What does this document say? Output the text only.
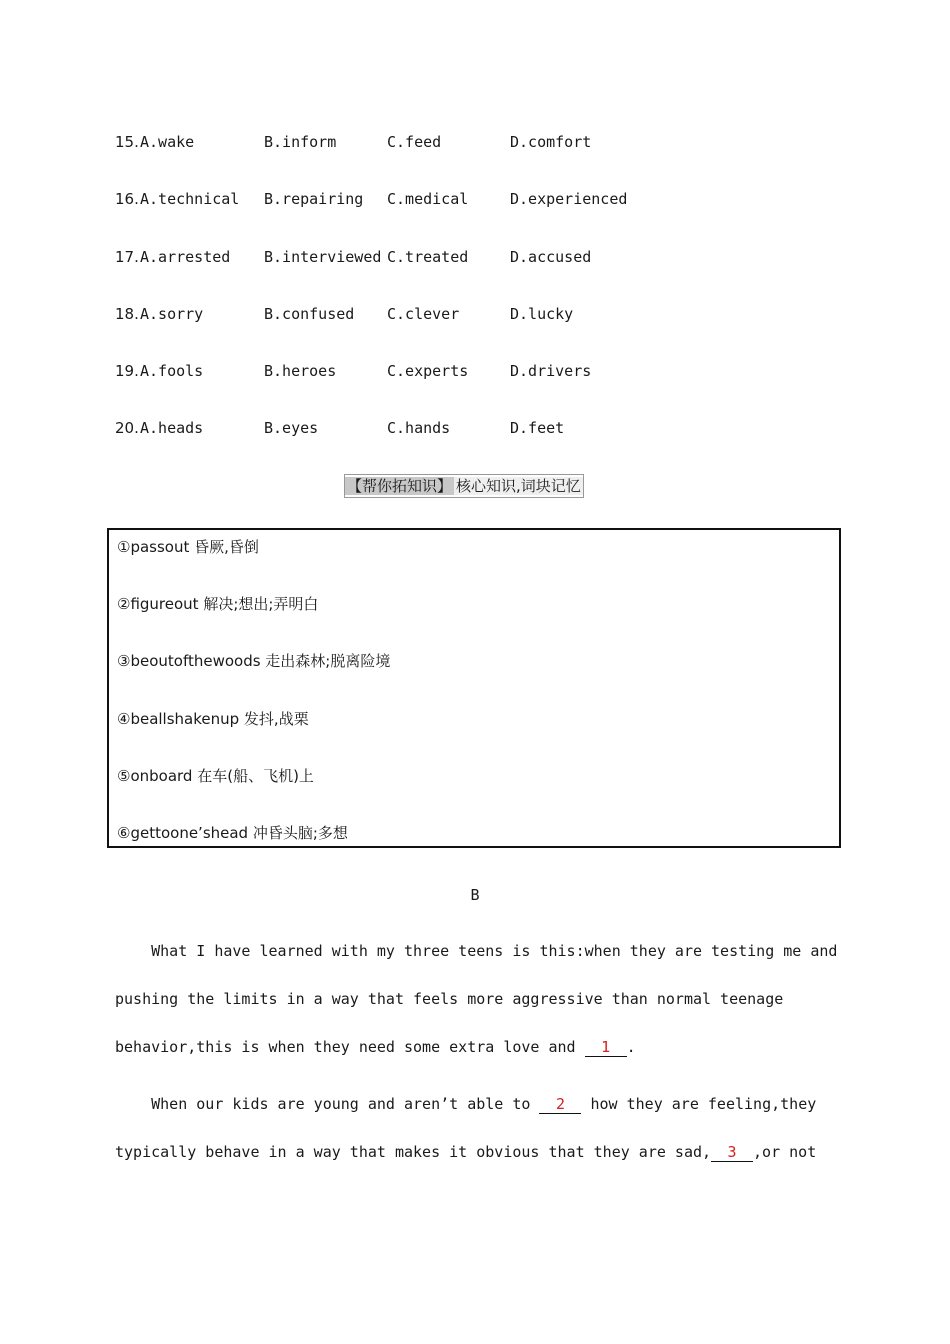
15. A.wake	B.inform	C.feed	D.comfort
16. A.technical B.repairing C.medical	D.experienced
17. A.arrested B.interviewed C.treated	D.accused
18. A.sorry	B.confused C.clever	D.lucky
19. A.fools	B.heroes	C.experts	D.drivers
20. A.heads	B.eyes	C.hands	D.feet
【帮你拓知识】 核心知识,词块记忆
①passout 昏厥,昏倒
②figureout 解决;想出;弄明白
③beoutofthewoods 走出森林;脱离险境
④beallshakenup 发抖,战栗
⑤onboard 在车(船、飞机)上
⑥gettoone’shead 冲昏头脑;多想
B
What I have learned with my three teens is this:when they are testing me and
pushing the limits in a way that feels more aggressive than normal teenage
behavior,this is when they need some extra love and 1 .
When our kids are young and aren’t able to 2 how they are feeling,they
typically behave in a way that makes it obvious that they are sad, 3 ,or not
